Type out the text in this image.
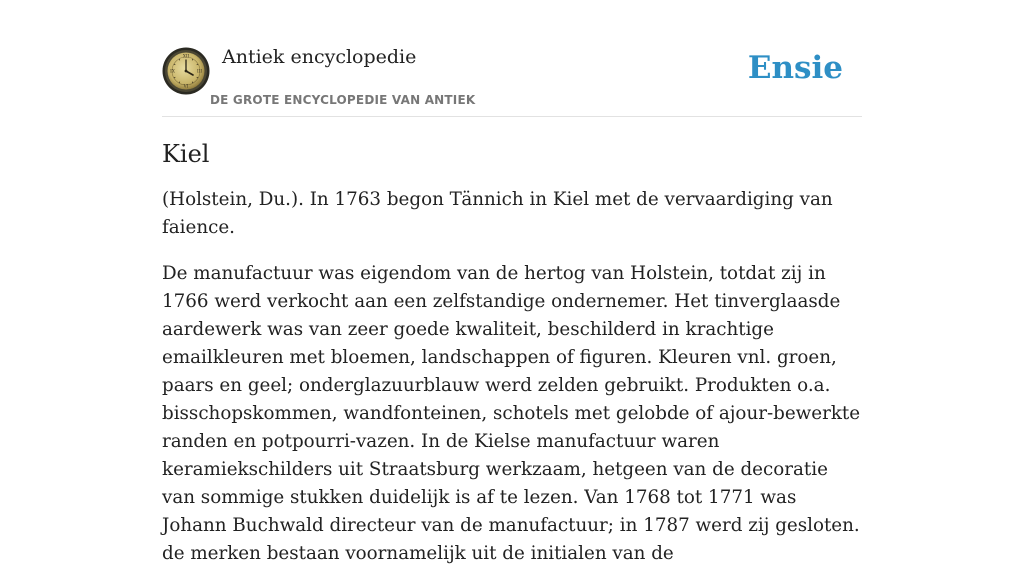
XII
III
VI
IX
Antiek encyclopedie
DE GROTE ENCYCLOPEDIE VAN ANTIEK
Ensie
Kiel

(Holstein, Du.). In 1763 begon Tännich in Kiel met de vervaardiging van faience.

De manufactuur was eigendom van de hertog van Holstein, totdat zij in 1766 werd verkocht aan een zelfstandige ondernemer. Het tinverglaasde aardewerk was van zeer goede kwaliteit, beschilderd in krachtige emailkleuren met bloemen, landschappen of figuren. Kleuren vnl. groen, paars en geel; onderglazuurblauw werd zelden gebruikt. Produkten o.a. bisschopskommen, wandfonteinen, schotels met gelobde of ajour-bewerkte randen en potpourri-vazen. In de Kielse manufactuur waren keramiekschilders uit Straatsburg werkzaam, hetgeen van de decoratie van sommige stukken duidelijk is af te lezen. Van 1768 tot 1771 was Johann Buchwald directeur van de manufactuur; in 1787 werd zij gesloten. de merken bestaan voornamelijk uit de initialen van de
